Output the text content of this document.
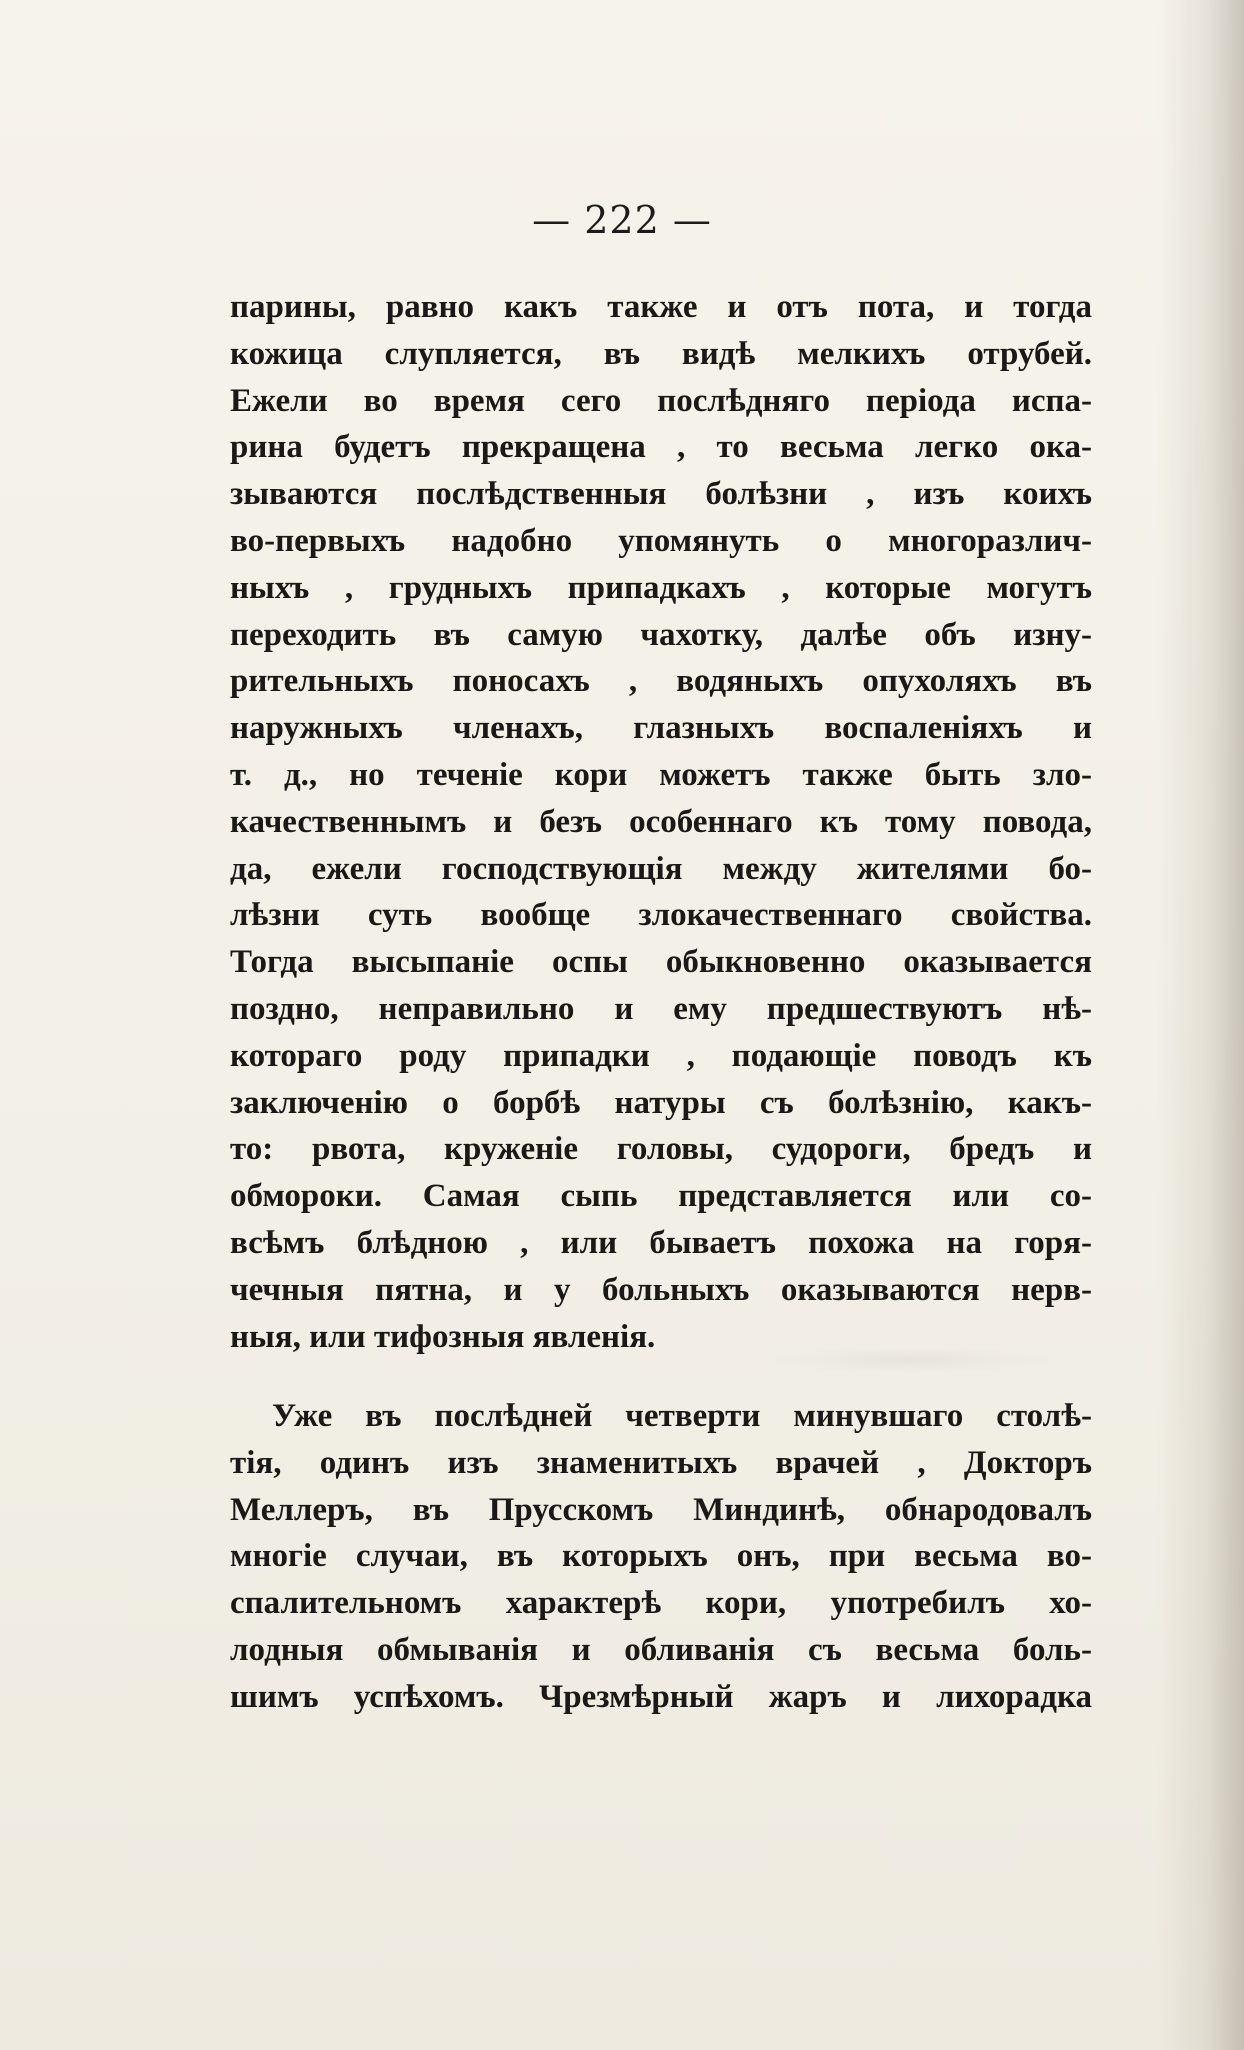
— 222 —
парины, равно какъ также и отъ пота, и тогда
кожица слупляется, въ видѣ мелкихъ отрубей.
Ежели во время сего послѣдняго періода испа-
рина будетъ прекращена , то весьма легко ока-
зываются послѣдственныя болѣзни , изъ коихъ
во-первыхъ надобно упомянуть о многоразлич-
ныхъ , грудныхъ припадкахъ , которые могутъ
переходить въ самую чахотку, далѣе объ изну-
рительныхъ поносахъ , водяныхъ опухоляхъ въ
наружныхъ членахъ, глазныхъ воспаленіяхъ и
т. д., но теченіе кори можетъ также быть зло-
качественнымъ и безъ особеннаго къ тому повода,
да, ежели господствующія между жителями бо-
лѣзни суть вообще злокачественнаго свойства.
Тогда высыпаніе оспы обыкновенно оказывается
поздно, неправильно и ему предшествуютъ нѣ-
котораго роду припадки , подающіе поводъ къ
заключенію о борбѣ натуры съ болѣзнію, какъ-
то: рвота, круженіе головы, судороги, бредъ и
обмороки. Самая сыпь представляется или со-
всѣмъ блѣдною , или бываетъ похожа на горя-
чечныя пятна, и у больныхъ оказываются нерв-
ныя, или тифозныя явленія.
Уже въ послѣдней четверти минувшаго столѣ-
тія, одинъ изъ знаменитыхъ врачей , Докторъ
Меллеръ, въ Прусскомъ Миндинѣ, обнародовалъ
многіе случаи, въ которыхъ онъ, при весьма во-
спалительномъ характерѣ кори, употребилъ хо-
лодныя обмыванія и обливанія съ весьма боль-
шимъ успѣхомъ. Чрезмѣрный жаръ и лихорадка
